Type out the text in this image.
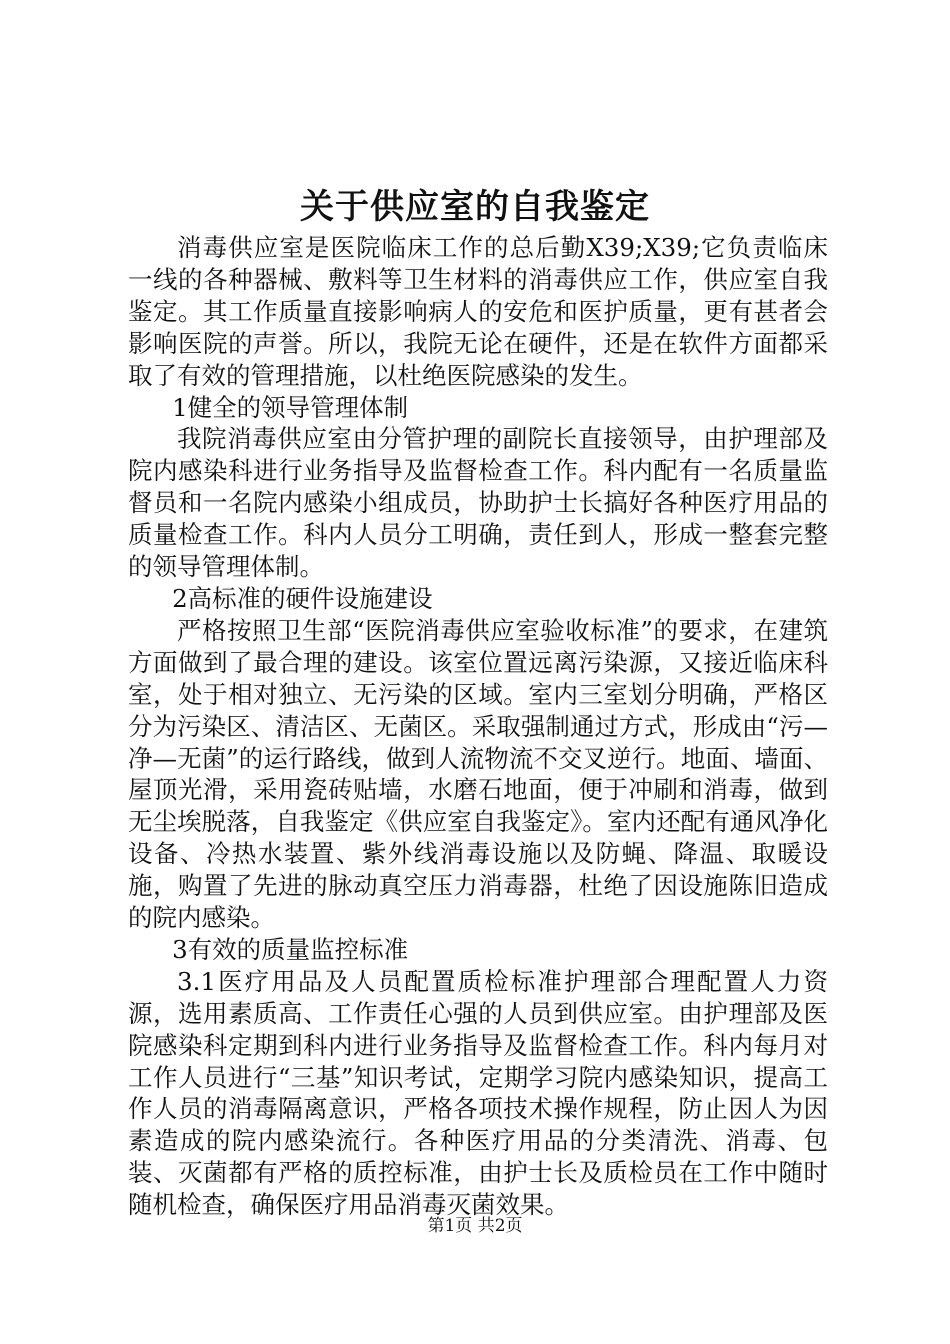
关于供应室的自我鉴定

消毒供应室是医院临床工作的总后勤X39;X39;它负责临床一线的各种器械、敷料等卫生材料的消毒供应工作，供应室自我鉴定。其工作质量直接影响病人的安危和医护质量，更有甚者会影响医院的声誉。所以，我院无论在硬件，还是在软件方面都采取了有效的管理措施，以杜绝医院感染的发生。

1健全的领导管理体制

我院消毒供应室由分管护理的副院长直接领导，由护理部及院内感染科进行业务指导及监督检查工作。科内配有一名质量监督员和一名院内感染小组成员，协助护士长搞好各种医疗用品的质量检查工作。科内人员分工明确，责任到人，形成一整套完整的领导管理体制。

2高标准的硬件设施建设

严格按照卫生部“医院消毒供应室验收标准”的要求，在建筑方面做到了最合理的建设。该室位置远离污染源，又接近临床科室，处于相对独立、无污染的区域。室内三室划分明确，严格区分为污染区、清洁区、无菌区。采取强制通过方式，形成由“污—净—无菌”的运行路线，做到人流物流不交叉逆行。地面、墙面、屋顶光滑，采用瓷砖贴墙，水磨石地面，便于冲刷和消毒，做到无尘埃脱落，自我鉴定《供应室自我鉴定》。室内还配有通风净化设备、冷热水装置、紫外线消毒设施以及防蝇、降温、取暖设施，购置了先进的脉动真空压力消毒器，杜绝了因设施陈旧造成的院内感染。

3有效的质量监控标准

3.1医疗用品及人员配置质检标准护理部合理配置人力资源，选用素质高、工作责任心强的人员到供应室。由护理部及医院感染科定期到科内进行业务指导及监督检查工作。科内每月对工作人员进行“三基”知识考试，定期学习院内感染知识，提高工作人员的消毒隔离意识，严格各项技术操作规程，防止因人为因素造成的院内感染流行。各种医疗用品的分类清洗、消毒、包装、灭菌都有严格的质控标准，由护士长及质检员在工作中随时随机检查，确保医疗用品消毒灭菌效果。

第1页 共2页
